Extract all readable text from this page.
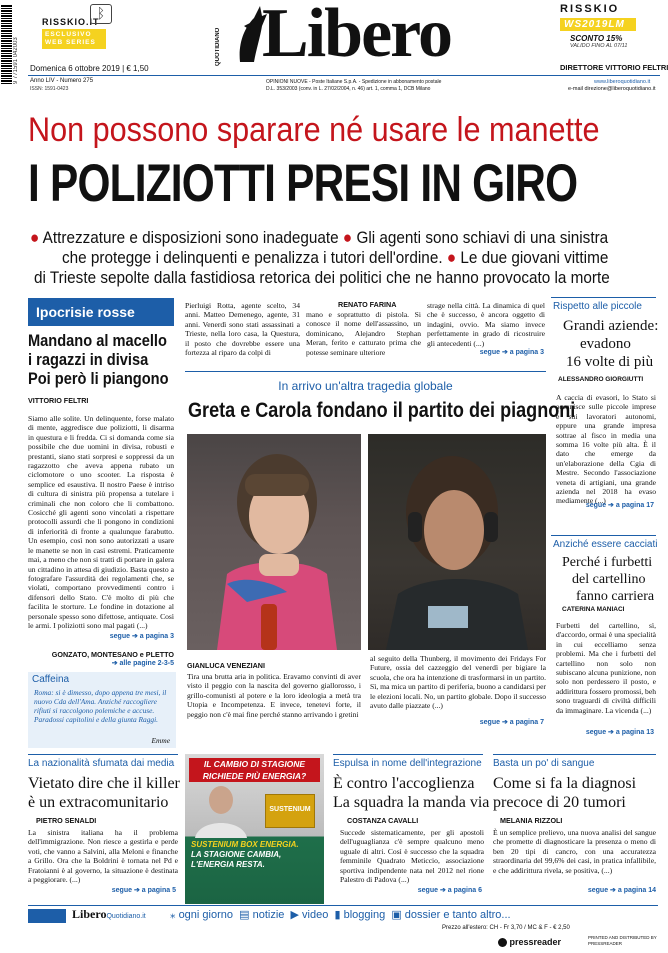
9 771591 042003
RISSKIO.IT
ᛒ
ESCLUSIVO WEB SERIES	QUOTIDIANO Libero	RISSKIO
WS2019LM
SCONTO 15%
VALIDO FINO AL 07/11
Domenica 6 ottobre 2019 | € 1,50
Anno LIV - Numero 275
ISSN: 1591-0423
OPINIONI NUOVE - Poste Italiane S.p.A. - Spedizione in abbonamento postale
D.L. 353/2003 (conv. in L. 27/02/2004, n. 46) art. 1, comma 1, DCB Milano
DIRETTORE VITTORIO FELTRI
www.liberoquotidiano.it
e-mail direzione@liberoquotidiano.it
Non possono sparare né usare le manette
I POLIZIOTTI PRESI IN GIRO
● Attrezzature e disposizioni sono inadeguate ● Gli agenti sono schiavi di una sinistra
che protegge i delinquenti e penalizza i tutori dell'ordine. ● Le due giovani vittime
di Trieste sepolte dalla fastidiosa retorica dei politici che ne hanno provocato la morte
Ipocrisie rosse
Mandano al macello
i ragazzi in divisa
Poi però li piangono
VITTORIO FELTRI
Siamo alle solite. Un delinquente, forse malato di mente, aggredisce due poliziotti, li disarma in questura e li fredda. Ci si domanda come sia possibile che due uomini in divisa, robusti e prestanti, siano stati sorpresi e soppressi da un ragazzotto che aveva appena rubato un ciclomotore o uno scooter. La risposta è semplice ed esaustiva. Il nostro Paese è intriso di cultura di sinistra più propensa a tutelare i criminali che non coloro che li combattono. Cosicché gli agenti sono vincolati a rispettare protocolli assurdi che li pongono in condizioni di inferiorità di fronte a qualunque farabutto. Un esempio, così non sono autorizzati a usare le manette se non in casi estremi. Praticamente mai, a meno che non si tratti di portare in galera un cittadino in attesa di giudizio. Basta questo a fotografare l'assurdità dei regolamenti che, se violati, comportano provvedimenti contro i difensori dello Stato. C'è molto di più che facilita le storture. Le fondine in dotazione al personale spesso sono difettose, antiquate. Così le armi. I poliziotti sono mal pagati (...)
segue ➔ a pagina 3
GONZATO, MONTESANO e PLETTO
➔ alle pagine 2-3-5
Caffeina
Roma: si è dimesso, dopo appena tre mesi, il nuovo Cda dell'Ama. Anziché raccogliere rifiuti si raccolgono polemiche e accuse. Paradossi capitolini e della giunta Raggi.
Emme
Pierluigi Rotta, agente scelto, 34 anni. Matteo Demenego, agente, 31 anni. Venerdì sono stati assassinati a Trieste, nella loro casa, la Questura, il posto che dovrebbe essere una fortezza al riparo da colpi di
RENATO FARINA
mano e soprattutto di pistola. Si conosce il nome dell'assassino, un dominicano, Alejandro Stephan Meran, ferito e catturato prima che potesse seminare ulteriore
strage nella città. La dinamica di quel che è successo, è ancora oggetto di indagini, ovvio. Ma siamo invece perfettamente in grado di ricostruire gli antecedenti (...)
segue ➔ a pagina 3
In arrivo un'altra tragedia globale
Greta e Carola fondano il partito dei piagnoni
GIANLUCA VENEZIANI
Tira una brutta aria in politica. Eravamo convinti di aver visto il peggio con la nascita del governo giallorosso, i grillo-comunisti al potere e la loro ideologia a metà tra Utopia e Incompetenza. E invece, tenetevi forte, il peggio non c'è mai fine perché stanno arrivando i gretini
al seguito della Thunberg, il movimento dei Fridays For Future, ossia del cazzeggio del venerdì per bigiare la scuola, che ora ha intenzione di trasformarsi in un partito. Sì, ma mica un partito di periferia, buono a candidarsi per le elezioni locali. No, un partito globale. Dopo il successo avuto dalle piazzate (...)
segue ➔ a pagina 7
Rispetto alle piccole
Grandi aziende:
evadono
16 volte di più
ALESSANDRO GIORGIUTTI
A caccia di evasori, lo Stato si accanisce sulle piccole imprese e sui lavoratori autonomi, eppure una grande impresa sottrae al fisco in media una somma 16 volte più alta. È il dato che emerge da un'elaborazione della Cgia di Mestre. Secondo l'associazione veneta di artigiani, una grande azienda nel 2018 ha evaso mediamente (...)
segue ➔ a pagina 17
Anziché essere cacciati
Perché i furbetti
del cartellino
fanno carriera
CATERINA MANIACI
Furbetti del cartellino, sì, d'accordo, ormai è una specialità in cui eccelliamo senza problemi. Ma che i furbetti del cartellino non solo non subiscano alcuna punizione, non solo non perdessero il posto, e addirittura fossero promossi, beh sono traguardi di civiltà difficili da immaginare. La vicenda (...)
segue ➔ a pagina 13
La nazionalità sfumata dai media
Vietato dire che il killer
è un extracomunitario
PIETRO SENALDI
La sinistra italiana ha il problema dell'immigrazione. Non riesce a gestirla e perde voti, che vanno a Salvini, alla Meloni e finanche a Grillo. Ora che la Boldrini è tornata nel Pd e Fratoianni è al governo, la situazione è destinata a peggiorare. (...)
segue ➔ a pagina 5
IL CAMBIO DI STAGIONE
RICHIEDE PIÙ ENERGIA?
SUSTENIUM
SUSTENIUM BOX ENERGIA.
LA STAGIONE CAMBIA,
L'ENERGIA RESTA.
Espulsa in nome dell'integrazione
È contro l'accoglienza
La squadra la manda via
COSTANZA CAVALLI
Succede sistematicamente, per gli apostoli dell'uguaglianza c'è sempre qualcuno meno uguale di altri. Così è successo che la squadra femminile Quadrato Meticcio, associazione sportiva indipendente nata nel 2012 nel rione Palestro di Padova (...)
segue ➔ a pagina 6
Basta un po' di sangue
Come si fa la diagnosi
precoce di 20 tumori
MELANIA RIZZOLI
È un semplice prelievo, una nuova analisi del sangue che promette di diagnosticare la presenza o meno di ben 20 tipi di cancro, con una accuratezza straordinaria del 99,6% dei casi, in pratica infallibile, e che addirittura rivela, se positiva, (...)
segue ➔ a pagina 14
LiberoQuotidiano.it ⁎ ogni giorno ▤ notizie ▶ video ▮ blogging ▣ dossier e tanto altro...
Prezzo all'estero: CH - Fr 3,70 / MC & F - € 2,50
pressreader	PRINTED AND DISTRIBUTED BY PRESSREADER
